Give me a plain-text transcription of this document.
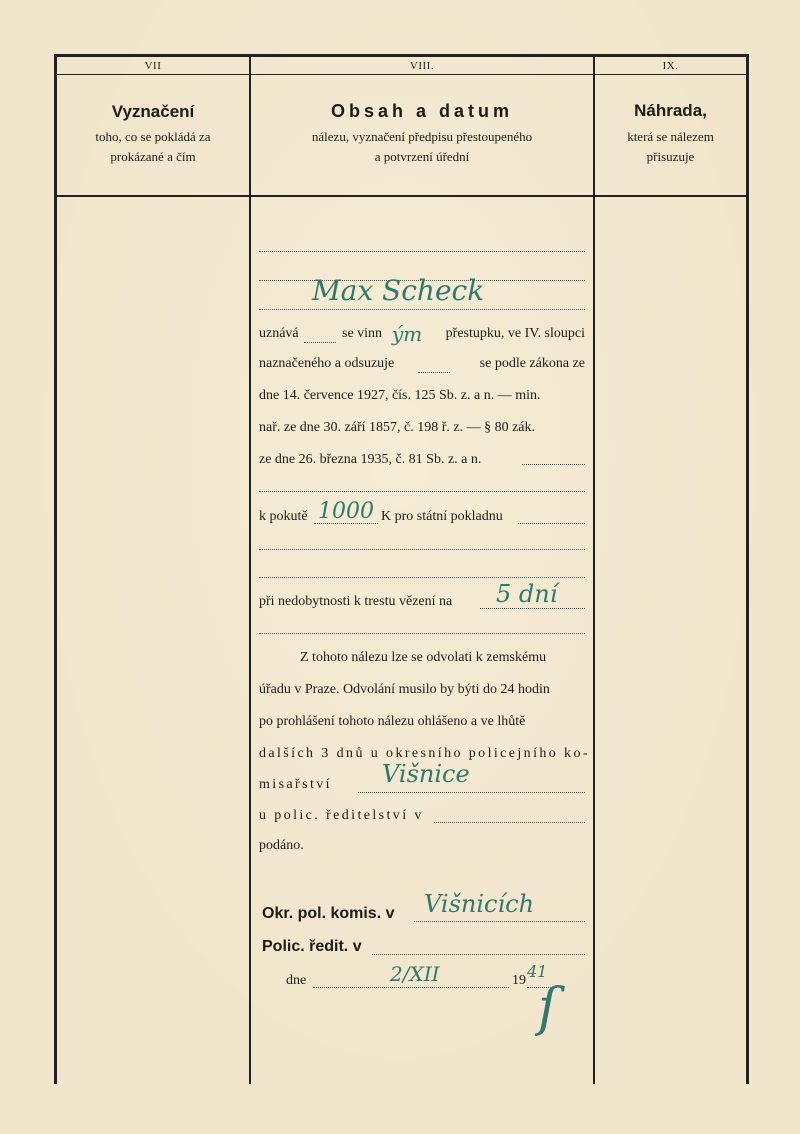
VII	VIII.	IX.
Vyznačení
toho, co se pokládá za
prokázané a čím
Obsah a datum
nálezu, vyznačení předpisu přestoupeného
a potvrzení úřední
Náhrada,
která se nálezem
přisuzuje
Max Scheck
uznává	se vinn ým	přestupku, ve IV. sloupci
naznačeného a odsuzuje	se podle zákona ze
dne 14. července 1927, čís. 125 Sb. z. a n. — min.
nař. ze dne 30. září 1857, č. 198 ř. z. — § 80 zák.
ze dne 26. března 1935, č. 81 Sb. z. a n.
k pokutě 1000 K pro státní pokladnu
při nedobytnosti k trestu vězení na 5 dní
Z tohoto nálezu lze se odvolati k zemskému
úřadu v Praze. Odvolání musilo by býti do 24 hodin
po prohlášení tohoto nálezu ohlášeno a ve lhůtě
dalších 3 dnů u okresního policejního ko-
misařství Višnice
u polic. ředitelství v
podáno.
Okr. pol. komis. v Višnicích
Polic. ředit. v
dne	2/XII	19 41
ſ
